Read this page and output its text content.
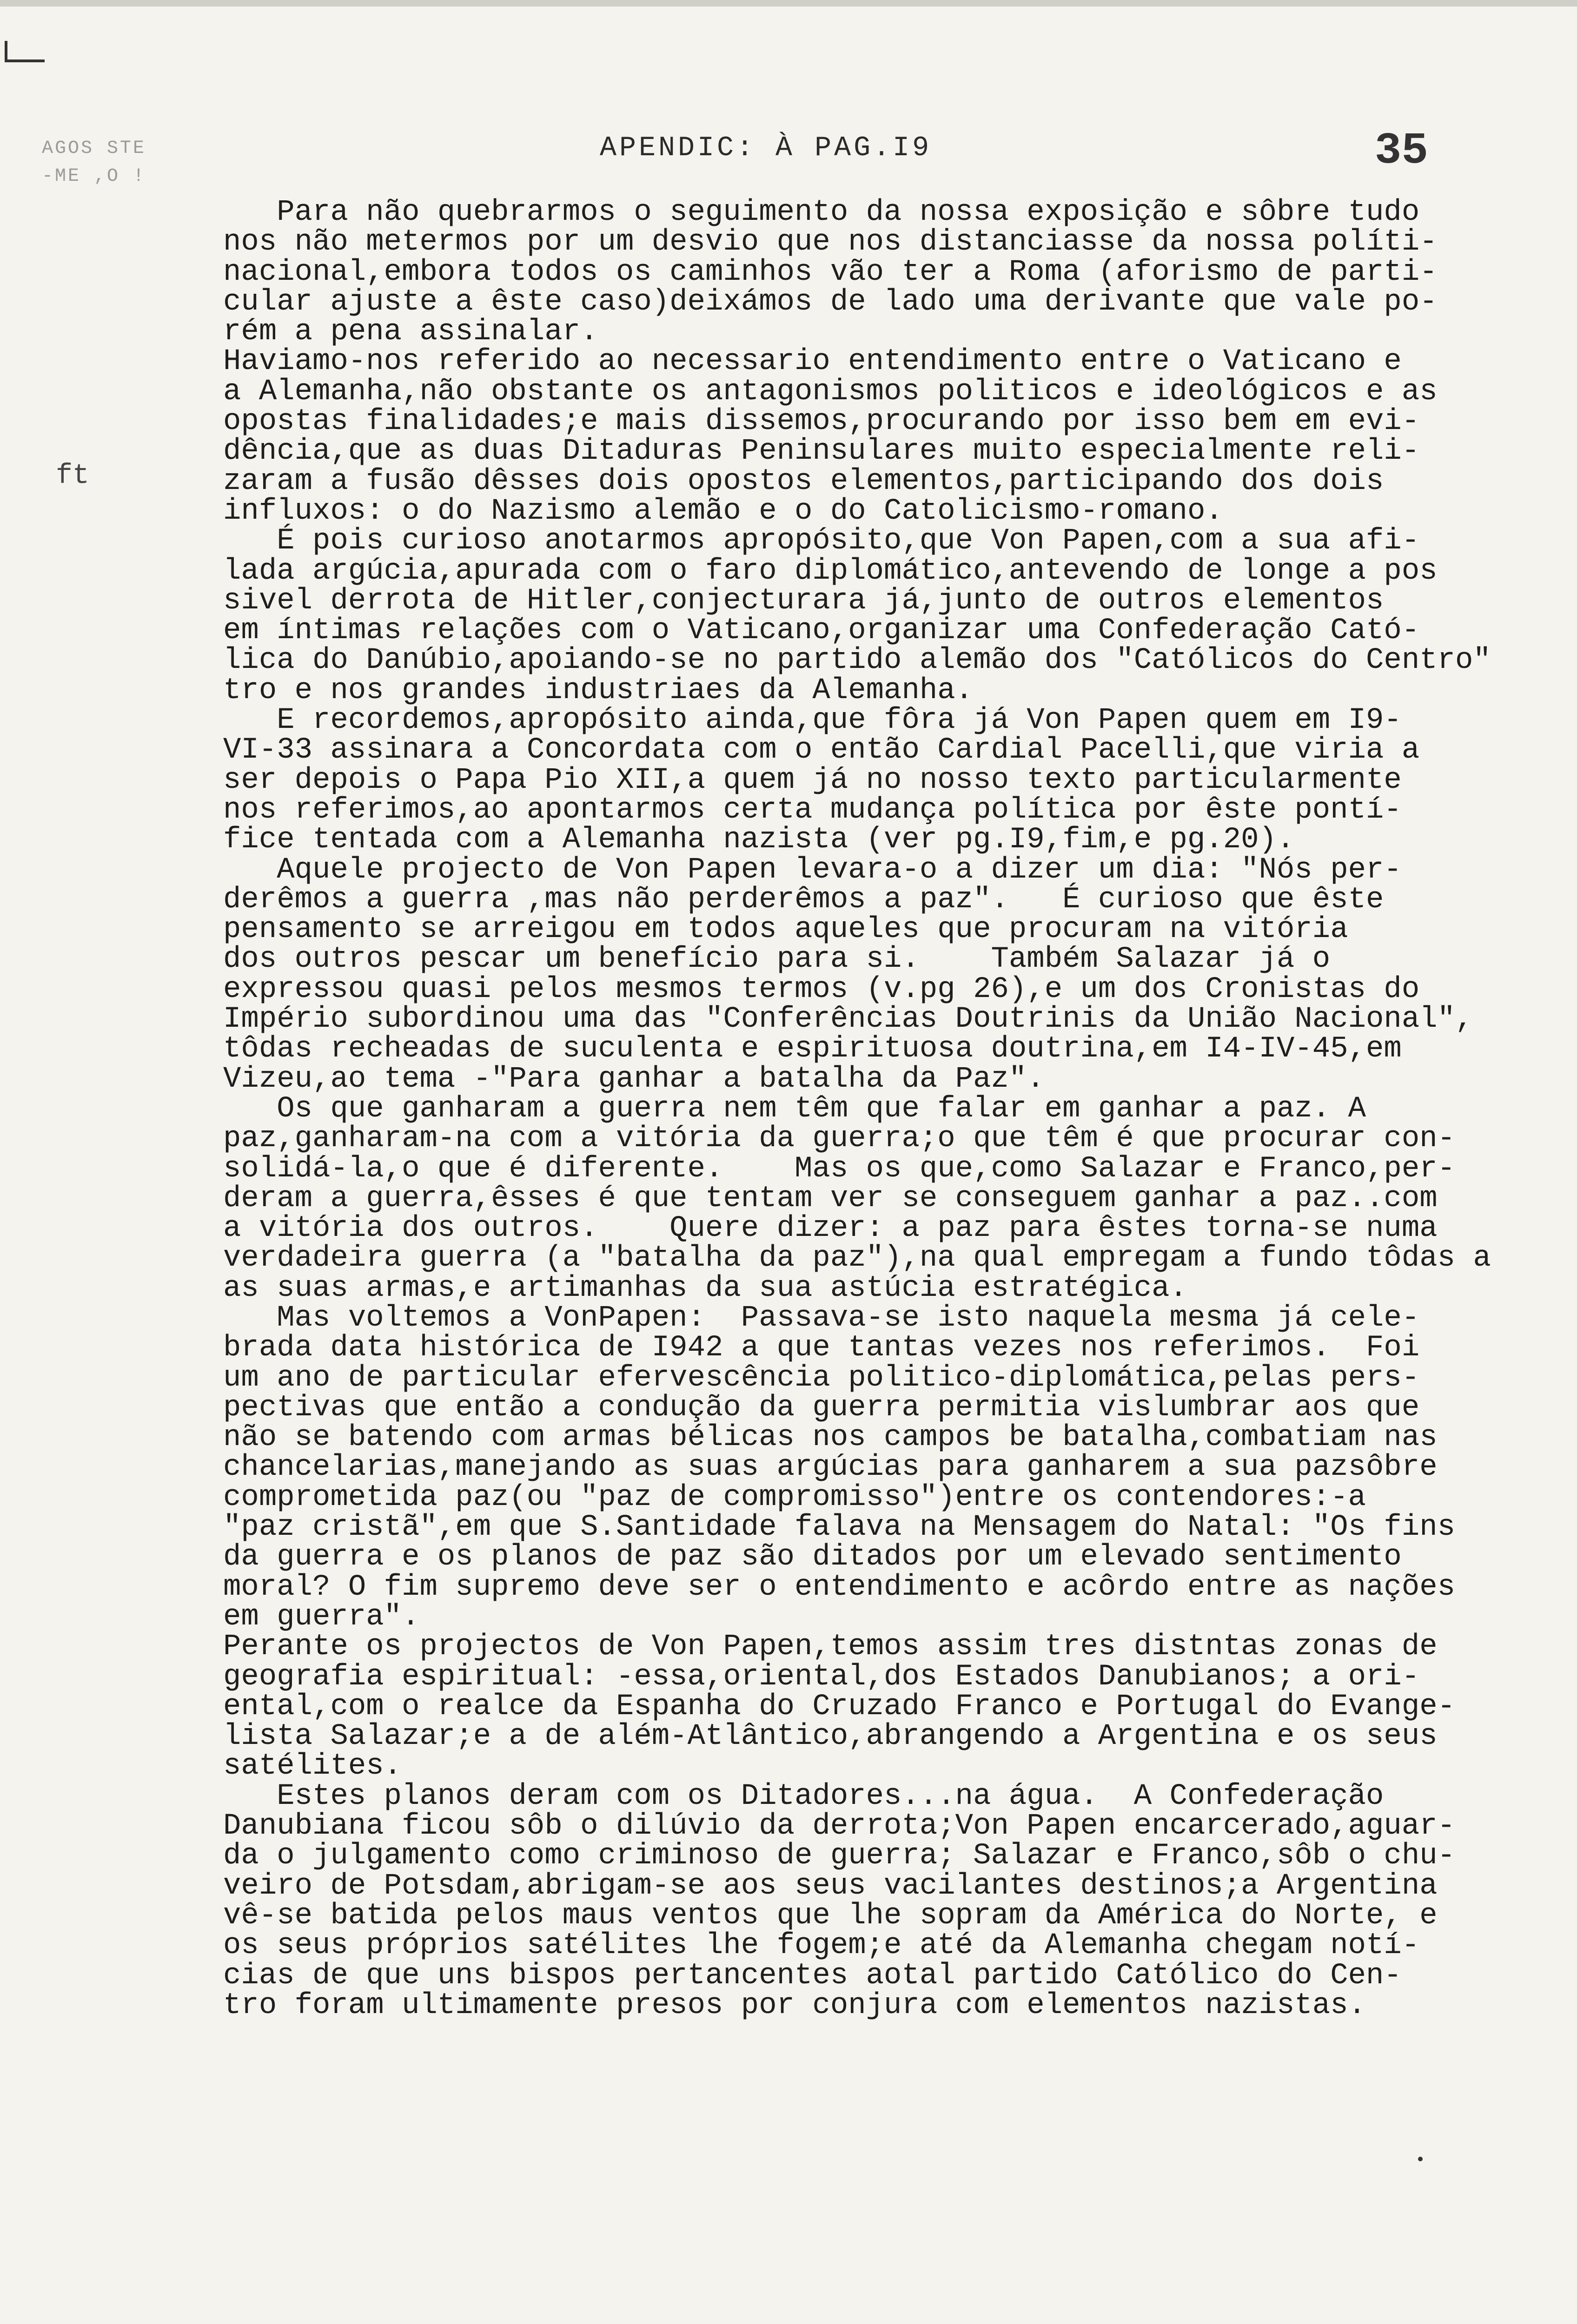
AGOS STE
-ME ,O !
APENDIC: À PAG.I9	35
ft
Para não quebrarmos o seguimento da nossa exposição e sôbre tudo
nos não metermos por um desvio que nos distanciasse da nossa políti-
nacional,embora todos os caminhos vão ter a Roma (aforismo de parti-
cular ajuste a êste caso)deixámos de lado uma derivante que vale po-
rém a pena assinalar.
Haviamo-nos referido ao necessario entendimento entre o Vaticano e
a Alemanha,não obstante os antagonismos politicos e ideológicos e as
opostas finalidades;e mais dissemos,procurando por isso bem em evi-
dência,que as duas Ditaduras Peninsulares muito especialmente reli-
zaram a fusão dêsses dois opostos elementos,participando dos dois
influxos: o do Nazismo alemão e o do Catolicismo-romano.
É pois curioso anotarmos apropósito,que Von Papen,com a sua afi-
lada argúcia,apurada com o faro diplomático,antevendo de longe a pos
sivel derrota de Hitler,conjecturara já,junto de outros elementos
em íntimas relações com o Vaticano,organizar uma Confederação Cató-
lica do Danúbio,apoiando-se no partido alemão dos "Católicos do Centro"
tro e nos grandes industriaes da Alemanha.
E recordemos,apropósito ainda,que fôra já Von Papen quem em I9-
VI-33 assinara a Concordata com o então Cardial Pacelli,que viria a
ser depois o Papa Pio XII,a quem já no nosso texto particularmente
nos referimos,ao apontarmos certa mudança política por êste pontí-
fice tentada com a Alemanha nazista (ver pg.I9,fim,e pg.20).
Aquele projecto de Von Papen levara-o a dizer um dia: "Nós per-
derêmos a guerra ,mas não perderêmos a paz".   É curioso que êste
pensamento se arreigou em todos aqueles que procuram na vitória
dos outros pescar um benefício para si.    Também Salazar já o
expressou quasi pelos mesmos termos (v.pg 26),e um dos Cronistas do
Império subordinou uma das "Conferências Doutrinis da União Nacional",
tôdas recheadas de suculenta e espirituosa doutrina,em I4-IV-45,em
Vizeu,ao tema -"Para ganhar a batalha da Paz".
Os que ganharam a guerra nem têm que falar em ganhar a paz. A
paz,ganharam-na com a vitória da guerra;o que têm é que procurar con-
solidá-la,o que é diferente.    Mas os que,como Salazar e Franco,per-
deram a guerra,êsses é que tentam ver se conseguem ganhar a paz..com
a vitória dos outros.    Quere dizer: a paz para êstes torna-se numa
verdadeira guerra (a "batalha da paz"),na qual empregam a fundo tôdas a
as suas armas,e artimanhas da sua astúcia estratégica.
Mas voltemos a VonPapen:  Passava-se isto naquela mesma já cele-
brada data histórica de I942 a que tantas vezes nos referimos.  Foi
um ano de particular efervescência politico-diplomática,pelas pers-
pectivas que então a condução da guerra permitia vislumbrar aos que
não se batendo com armas bélicas nos campos be batalha,combatiam nas
chancelarias,manejando as suas argúcias para ganharem a sua pazsôbre
comprometida paz(ou "paz de compromisso")entre os contendores:-a
"paz cristã",em que S.Santidade falava na Mensagem do Natal: "Os fins
da guerra e os planos de paz são ditados por um elevado sentimento
moral? O fim supremo deve ser o entendimento e acôrdo entre as nações
em guerra".
Perante os projectos de Von Papen,temos assim tres distntas zonas de
geografia espiritual: -essa,oriental,dos Estados Danubianos; a ori-
ental,com o realce da Espanha do Cruzado Franco e Portugal do Evange-
lista Salazar;e a de além-Atlântico,abrangendo a Argentina e os seus
satélites.
Estes planos deram com os Ditadores...na água.  A Confederação
Danubiana ficou sôb o dilúvio da derrota;Von Papen encarcerado,aguar-
da o julgamento como criminoso de guerra; Salazar e Franco,sôb o chu-
veiro de Potsdam,abrigam-se aos seus vacilantes destinos;a Argentina
vê-se batida pelos maus ventos que lhe sopram da América do Norte, e
os seus próprios satélites lhe fogem;e até da Alemanha chegam notí-
cias de que uns bispos pertancentes aotal partido Católico do Cen-
tro foram ultimamente presos por conjura com elementos nazistas.
